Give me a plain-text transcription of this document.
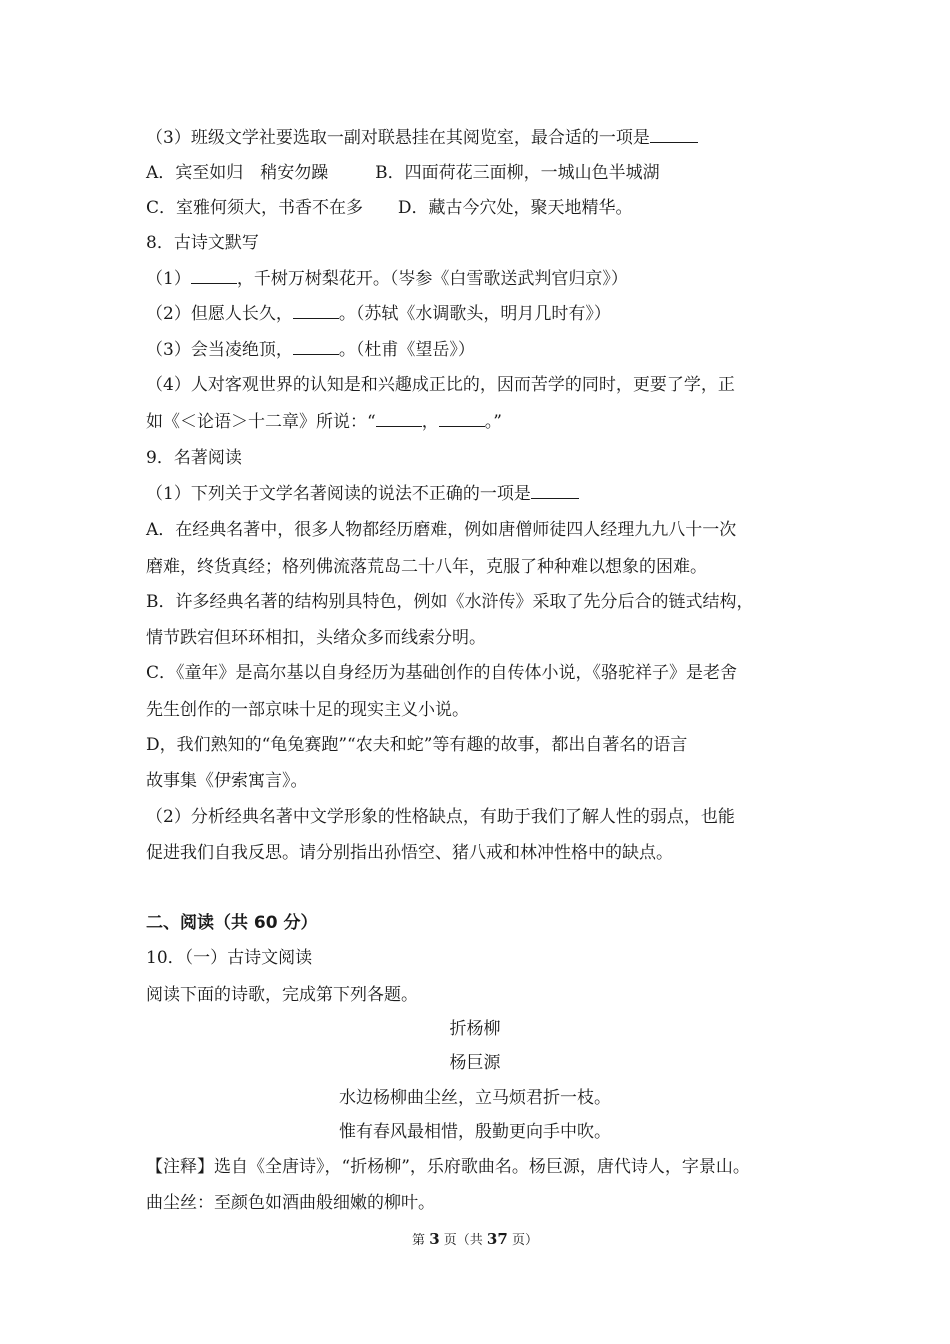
（3）班级文学社要选取一副对联悬挂在其阅览室，最合适的一项是
A．宾至如归　稍安勿躁	B．四面荷花三面柳，一城山色半城湖
C．室雅何须大，书香不在多 D．藏古今穴处，聚天地精华。
8．古诗文默写
（1）	，千树万树梨花开。（岑参《白雪歌送武判官归京》）
（2）但愿人长久，	。（苏轼《水调歌头，明月几时有》）
（3）会当凌绝顶，	。（杜甫《望岳》）
（4）人对客观世界的认知是和兴趣成正比的，因而苦学的同时，更要了学，正
如《＜论语＞十二章》所说：“	，	。”
9．名著阅读
（1）下列关于文学名著阅读的说法不正确的一项是
A．在经典名著中，很多人物都经历磨难，例如唐僧师徒四人经理九九八十一次
磨难，终货真经；格列佛流落荒岛二十八年，克服了种种难以想象的困难。
B．许多经典名著的结构别具特色，例如《水浒传》采取了先分后合的链式结构，
情节跌宕但环环相扣，头绪众多而线索分明。
C．《童年》是高尔基以自身经历为基础创作的自传体小说，《骆驼祥子》是老舍
先生创作的一部京味十足的现实主义小说。
D，我们熟知的“龟兔赛跑”“农夫和蛇”等有趣的故事，都出自著名的语言
故事集《伊索寓言》。
（2）分析经典名著中文学形象的性格缺点，有助于我们了解人性的弱点，也能
促进我们自我反思。请分别指出孙悟空、猪八戒和林冲性格中的缺点。
二、阅读（共 60 分）
10．（一）古诗文阅读
阅读下面的诗歌，完成第下列各题。
折杨柳
杨巨源
水边杨柳曲尘丝，立马烦君折一枝。
惟有春风最相惜，殷勤更向手中吹。
【注释】选自《全唐诗》，“折杨柳”，乐府歌曲名。杨巨源，唐代诗人，字景山。
曲尘丝：至颜色如酒曲般细嫩的柳叶。
第 3 页（共 37 页）
